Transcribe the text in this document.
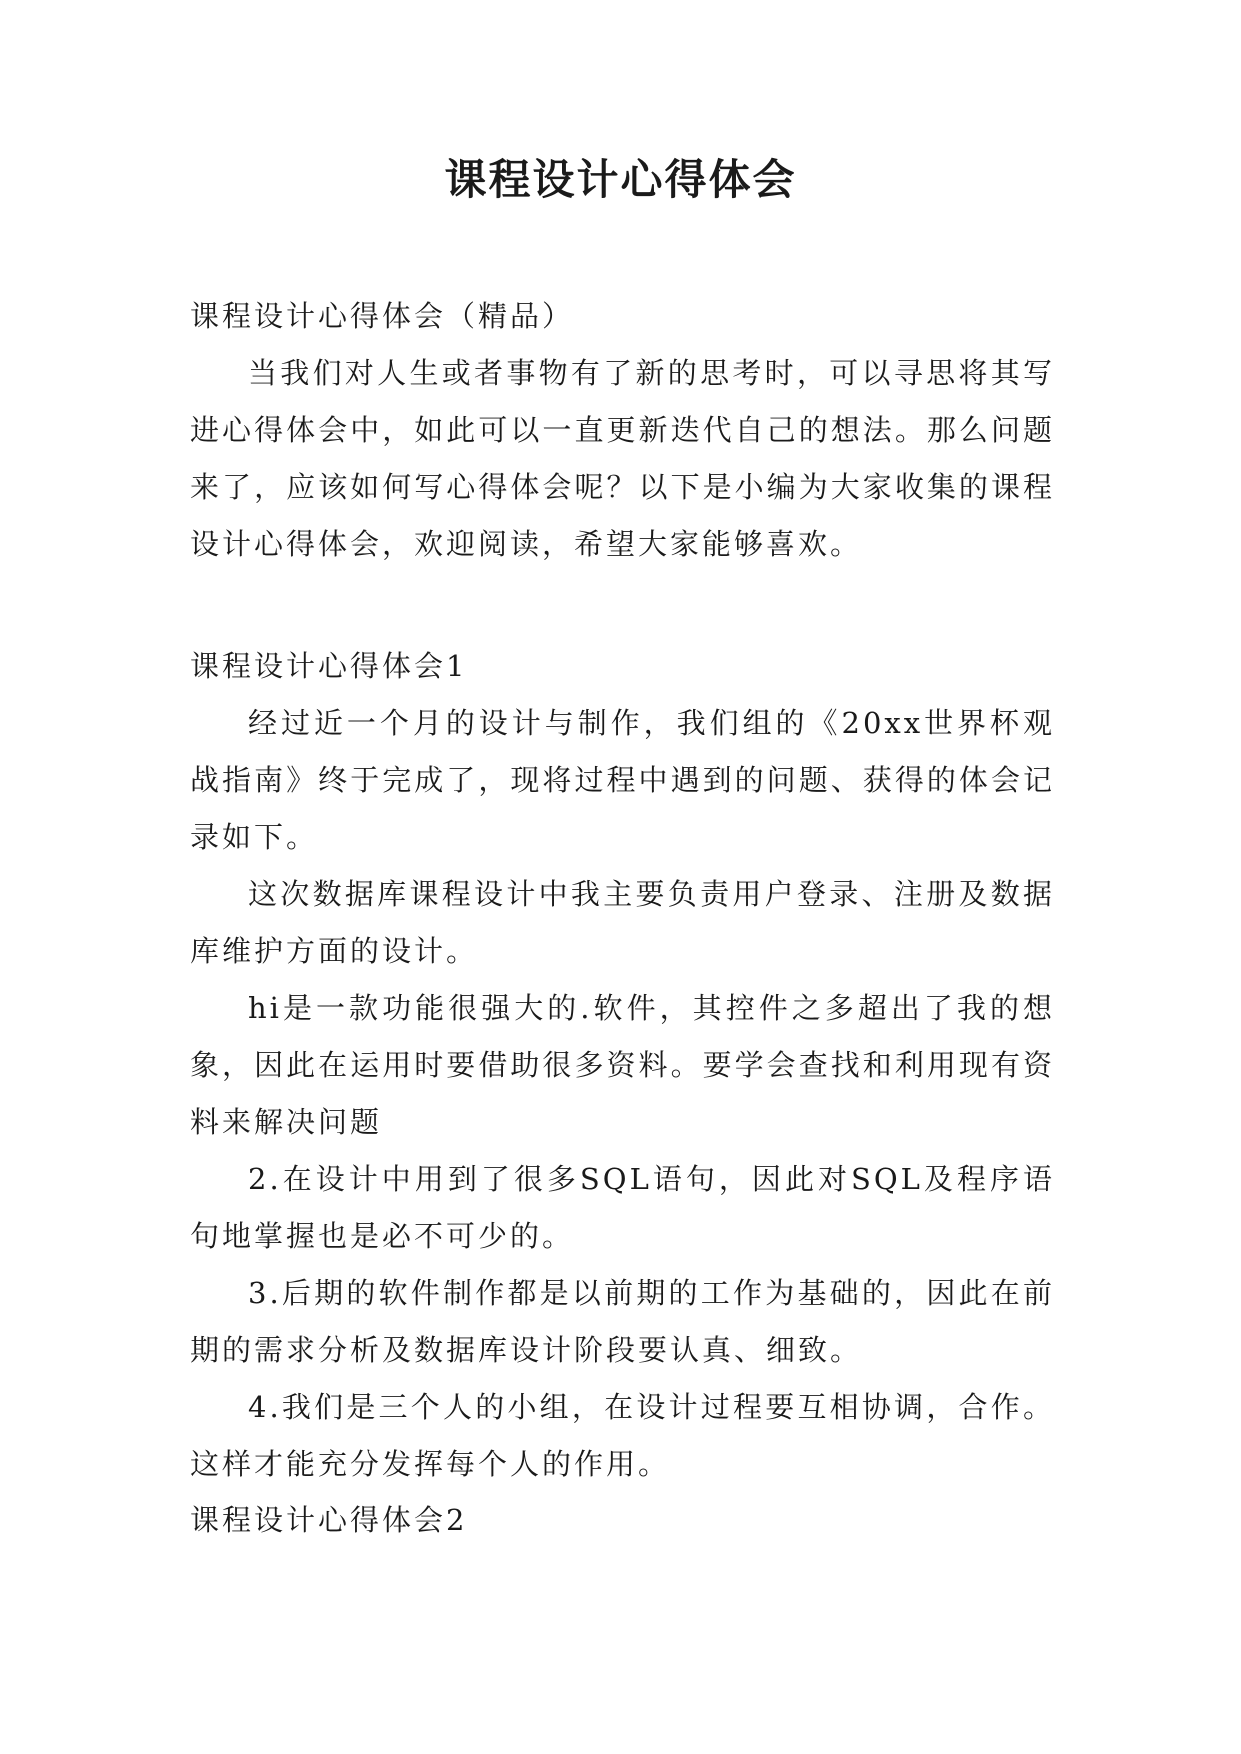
课程设计心得体会

课程设计心得体会（精品）

当我们对人生或者事物有了新的思考时，可以寻思将其写进心得体会中，如此可以一直更新迭代自己的想法。那么问题来了，应该如何写心得体会呢？以下是小编为大家收集的课程设计心得体会，欢迎阅读，希望大家能够喜欢。

课程设计心得体会1

经过近一个月的设计与制作，我们组的《20xx世界杯观战指南》终于完成了，现将过程中遇到的问题、获得的体会记录如下。

这次数据库课程设计中我主要负责用户登录、注册及数据库维护方面的设计。

hi是一款功能很强大的.软件，其控件之多超出了我的想象，因此在运用时要借助很多资料。要学会查找和利用现有资料来解决问题

2.在设计中用到了很多SQL语句，因此对SQL及程序语句地掌握也是必不可少的。

3.后期的软件制作都是以前期的工作为基础的，因此在前期的需求分析及数据库设计阶段要认真、细致。

4.我们是三个人的小组，在设计过程要互相协调，合作。这样才能充分发挥每个人的作用。

课程设计心得体会2
